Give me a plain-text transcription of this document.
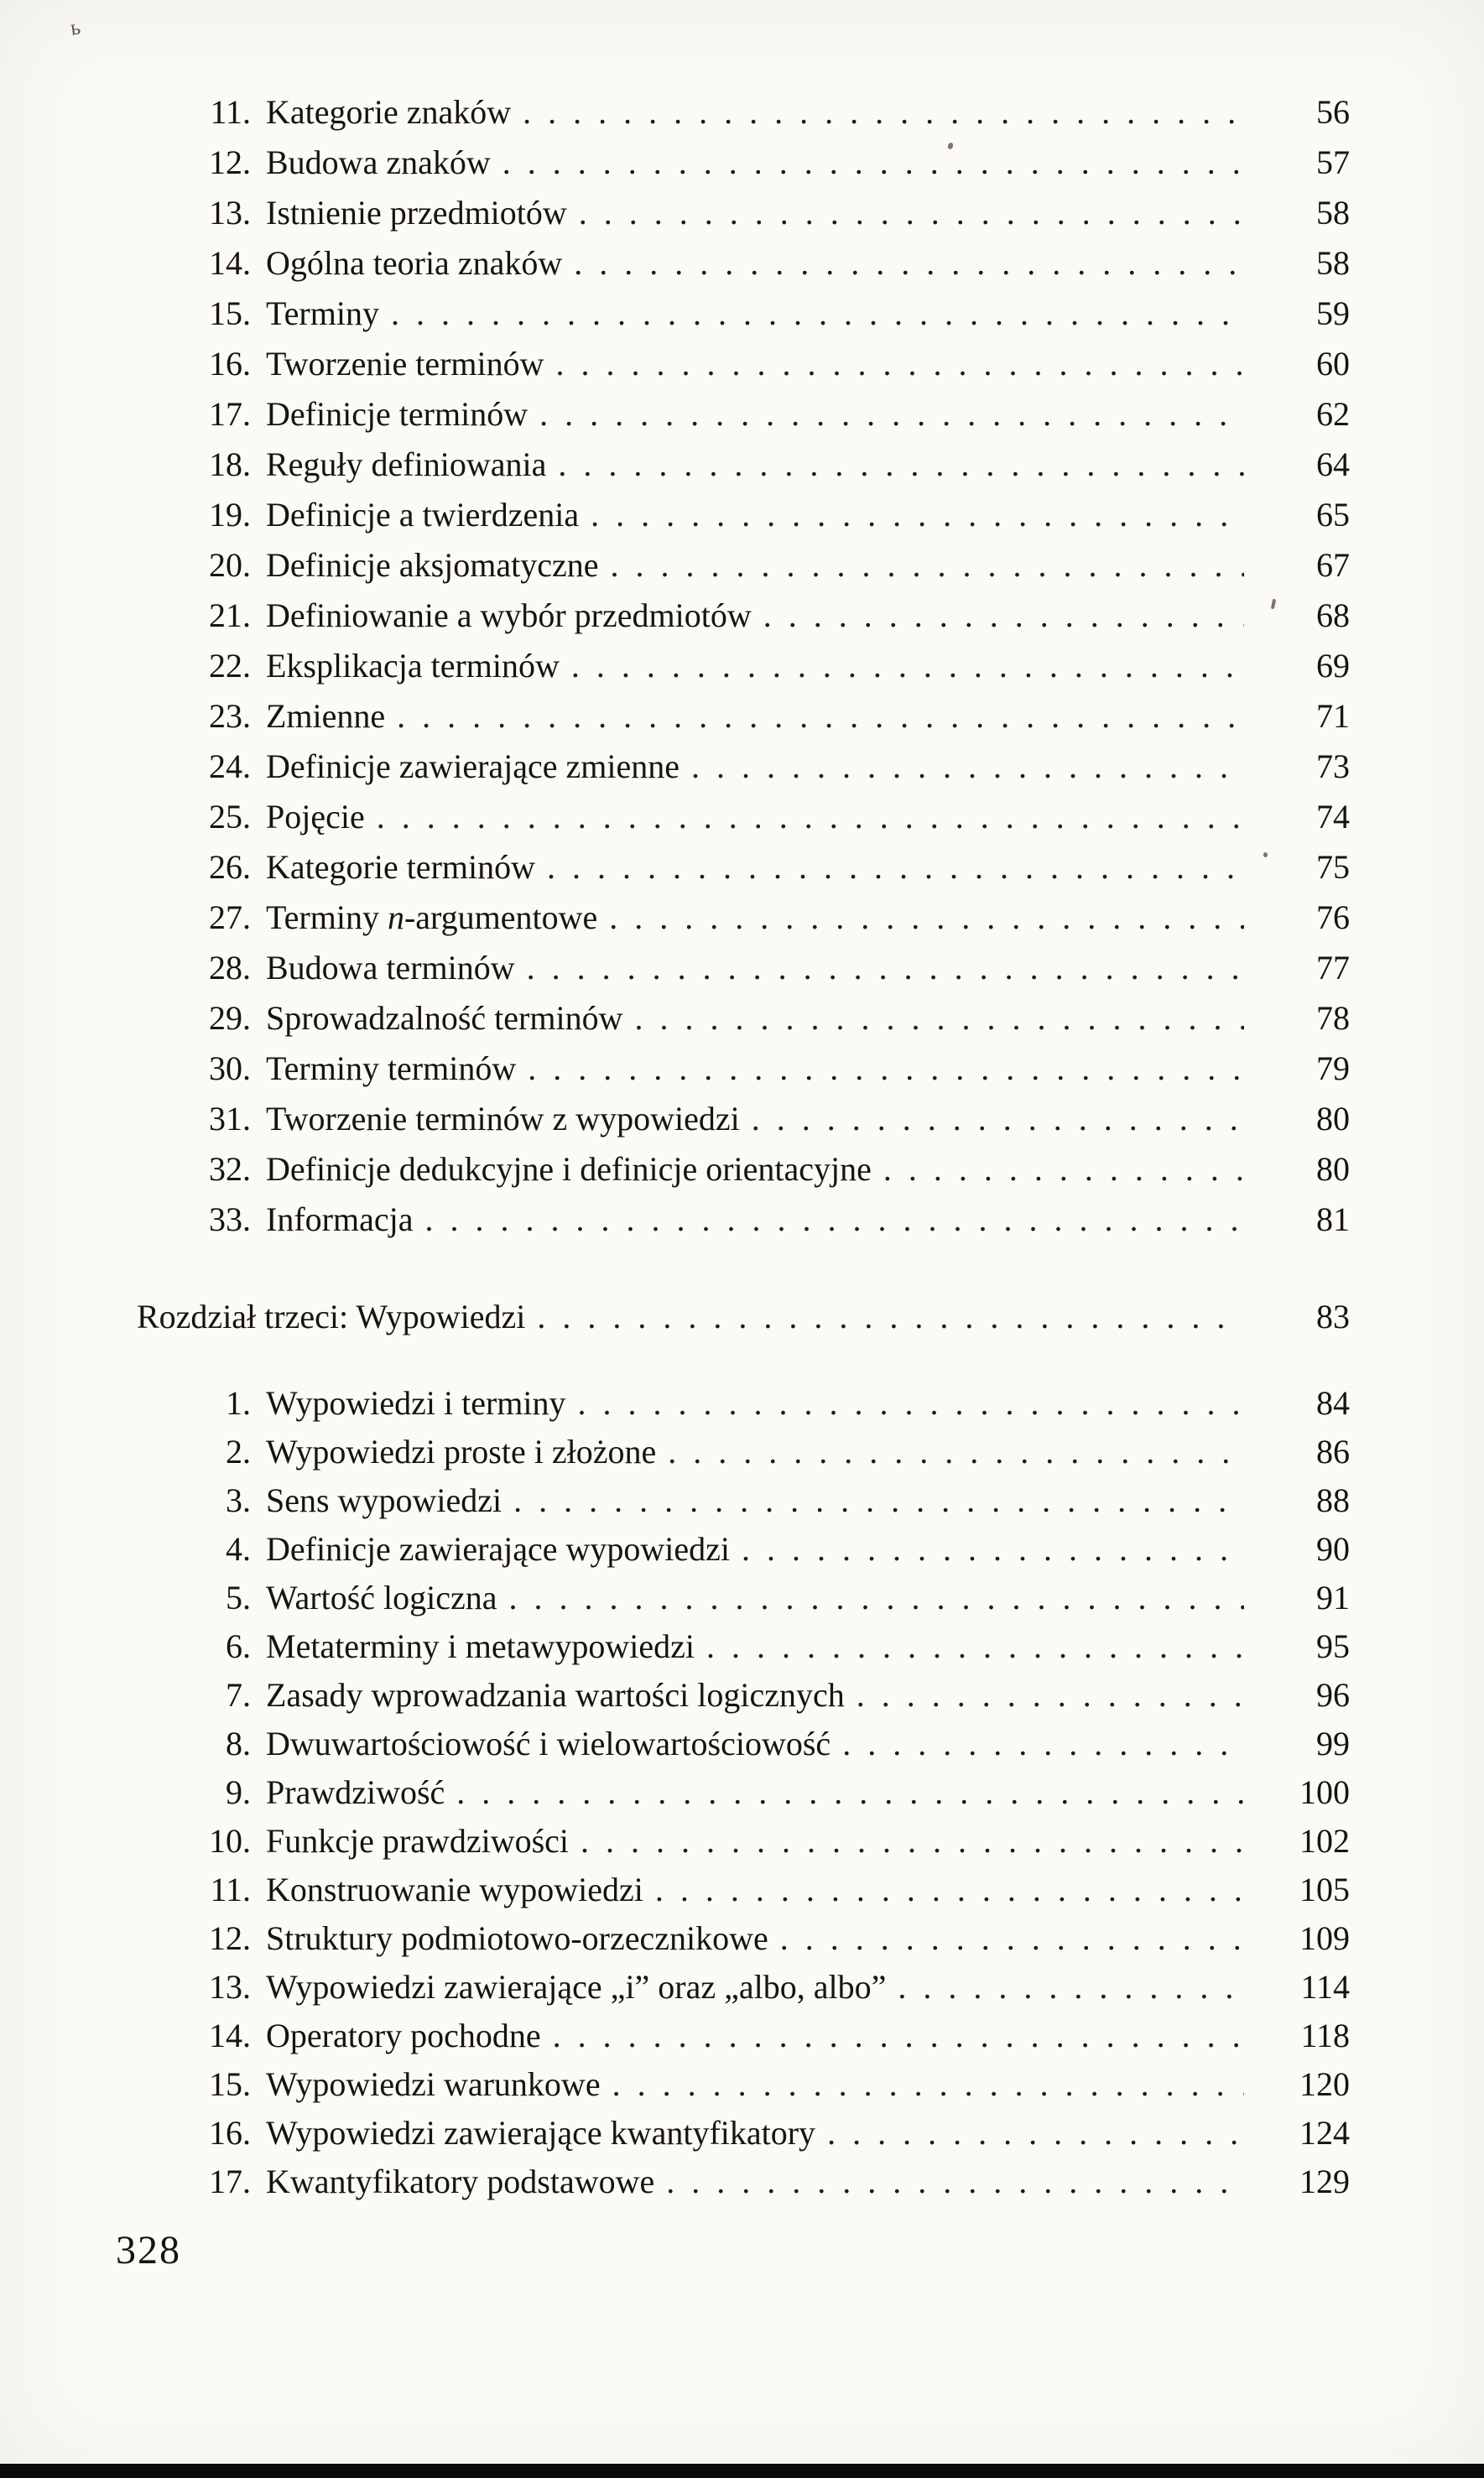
ь
11. Kategorie znaków . . .	56
12. Budowa znaków . . .	57
13. Istnienie przedmiotów . . .	58
14. Ogólna teoria znaków . . .	58
15. Terminy . . .	59
16. Tworzenie terminów . . .	60
17. Definicje terminów . . .	62
18. Reguły definiowania . . .	64
19. Definicje a twierdzenia . . .	65
20. Definicje aksjomatyczne . . .	67
21. Definiowanie a wybór przedmiotów . . .	68
22. Eksplikacja terminów . . .	69
23. Zmienne . . .	71
24. Definicje zawierające zmienne . . .	73
25. Pojęcie . . .	74
26. Kategorie terminów . . .	75
27. Terminy n-argumentowe . . .	76
28. Budowa terminów . . .	77
29. Sprowadzalność terminów . . .	78
30. Terminy terminów . . .	79
31. Tworzenie terminów z wypowiedzi . . .	80
32. Definicje dedukcyjne i definicje orientacyjne . . .	80
33. Informacja . . .	81
Rozdział trzeci: Wypowiedzi . . .	83
1. Wypowiedzi i terminy . . .	84
2. Wypowiedzi proste i złożone . . .	86
3. Sens wypowiedzi . . .	88
4. Definicje zawierające wypowiedzi . . .	90
5. Wartość logiczna . . .	91
6. Metaterminy i metawypowiedzi . . .	95
7. Zasady wprowadzania wartości logicznych . . .	96
8. Dwuwartościowość i wielowartościowość . . .	99
9. Prawdziwość . . .	100
10. Funkcje prawdziwości . . .	102
11. Konstruowanie wypowiedzi . . .	105
12. Struktury podmiotowo-orzecznikowe . . .	109
13. Wypowiedzi zawierające „i” oraz „albo, albo” . . .	114
14. Operatory pochodne . . .	118
15. Wypowiedzi warunkowe . . .	120
16. Wypowiedzi zawierające kwantyfikatory . . .	124
17. Kwantyfikatory podstawowe . . .	129
328
